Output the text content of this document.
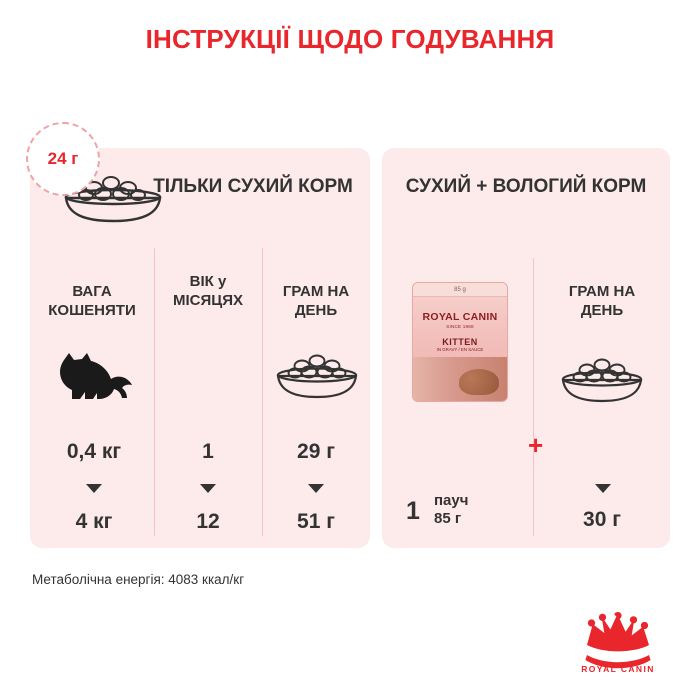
ІНСТРУКЦІЇ ЩОДО ГОДУВАННЯ
ТІЛЬКИ СУХИЙ КОРМ	СУХИЙ + ВОЛОГИЙ КОРМ
24 г
ВАГА КОШЕНЯТИ
ВІК у МІСЯЦЯХ
ГРАМ НА ДЕНЬ
ГРАМ НА ДЕНЬ
0,4 кг
4 кг
1
12
29 г
51 г
85 g
ROYAL CANIN
SINCE 1968
KITTEN
IN GRAVY / EN SAUCE
+
1 пауч
85 г	30 г
Метаболічна енергія: 4083 ккал/кг
ROYAL CANIN
